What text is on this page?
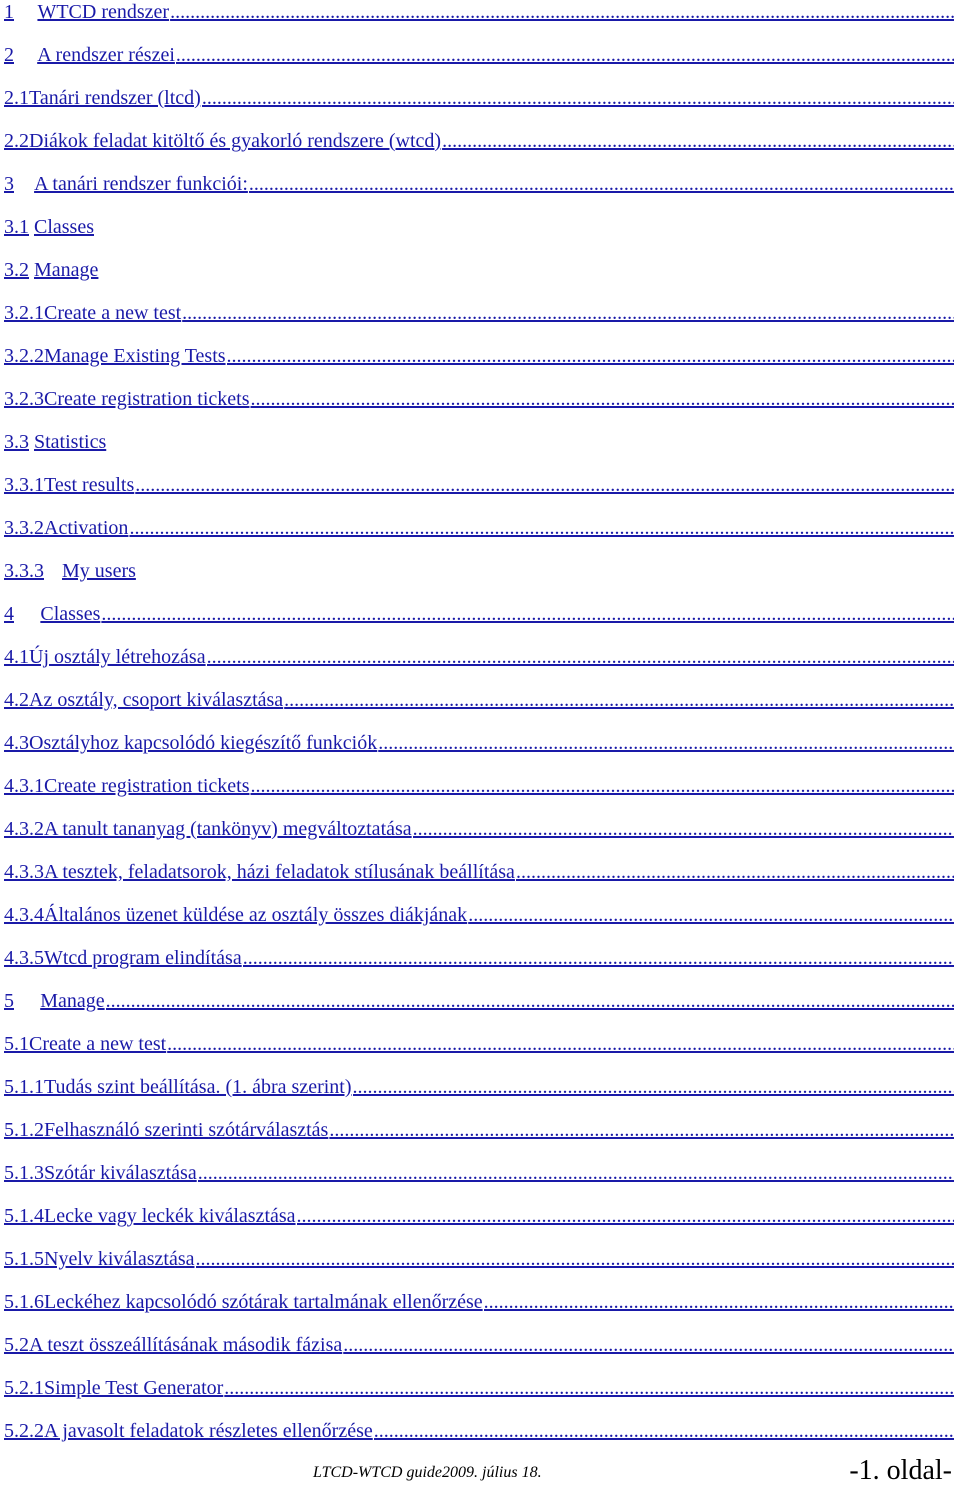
1	WTCD rendszer
.....
2	A rendszer részei
.....
2.1 Tanári rendszer (ltcd)
.....
2.2 Diákok feladat kitöltő és gyakorló rendszere (wtcd)
.....
3	A tanári rendszer funkciói:
.....
3.1 Classes
3.2 Manage
3.2.1 Create a new test
.....
3.2.2 Manage Existing Tests
.....
3.2.3 Create registration tickets
.....
3.3 Statistics
3.3.1 Test results
.....
3.3.2 Activation
.....
3.3.3 My users
4	Classes
.....
4.1 Új osztály létrehozása
.....
4.2 Az osztály, csoport kiválasztása
.....
4.3 Osztályhoz kapcsolódó kiegészítő funkciók
.....
4.3.1 Create registration tickets
.....
4.3.2 A tanult tananyag (tankönyv) megváltoztatása
.....
4.3.3 A tesztek, feladatsorok, házi feladatok stílusának beállítása
.....
4.3.4 Általános üzenet küldése az osztály összes diákjának
.....
4.3.5 Wtcd program elindítása
.....
5	Manage
.....
5.1 Create a new test
.....
5.1.1 Tudás szint beállítása. (1. ábra szerint)
.....
5.1.2 Felhasználó szerinti szótárválasztás
.....
5.1.3 Szótár kiválasztása
.....
5.1.4 Lecke vagy leckék kiválasztása
.....
5.1.5 Nyelv kiválasztása
.....
5.1.6 Leckéhez kapcsolódó szótárak tartalmának ellenőrzése
.....
5.2 A teszt összeállításának második fázisa
.....
5.2.1 Simple Test Generator
.....
5.2.2 A javasolt feladatok részletes ellenőrzése
.....
LTCD-WTCD guide2009. július 18.	-1. oldal-
